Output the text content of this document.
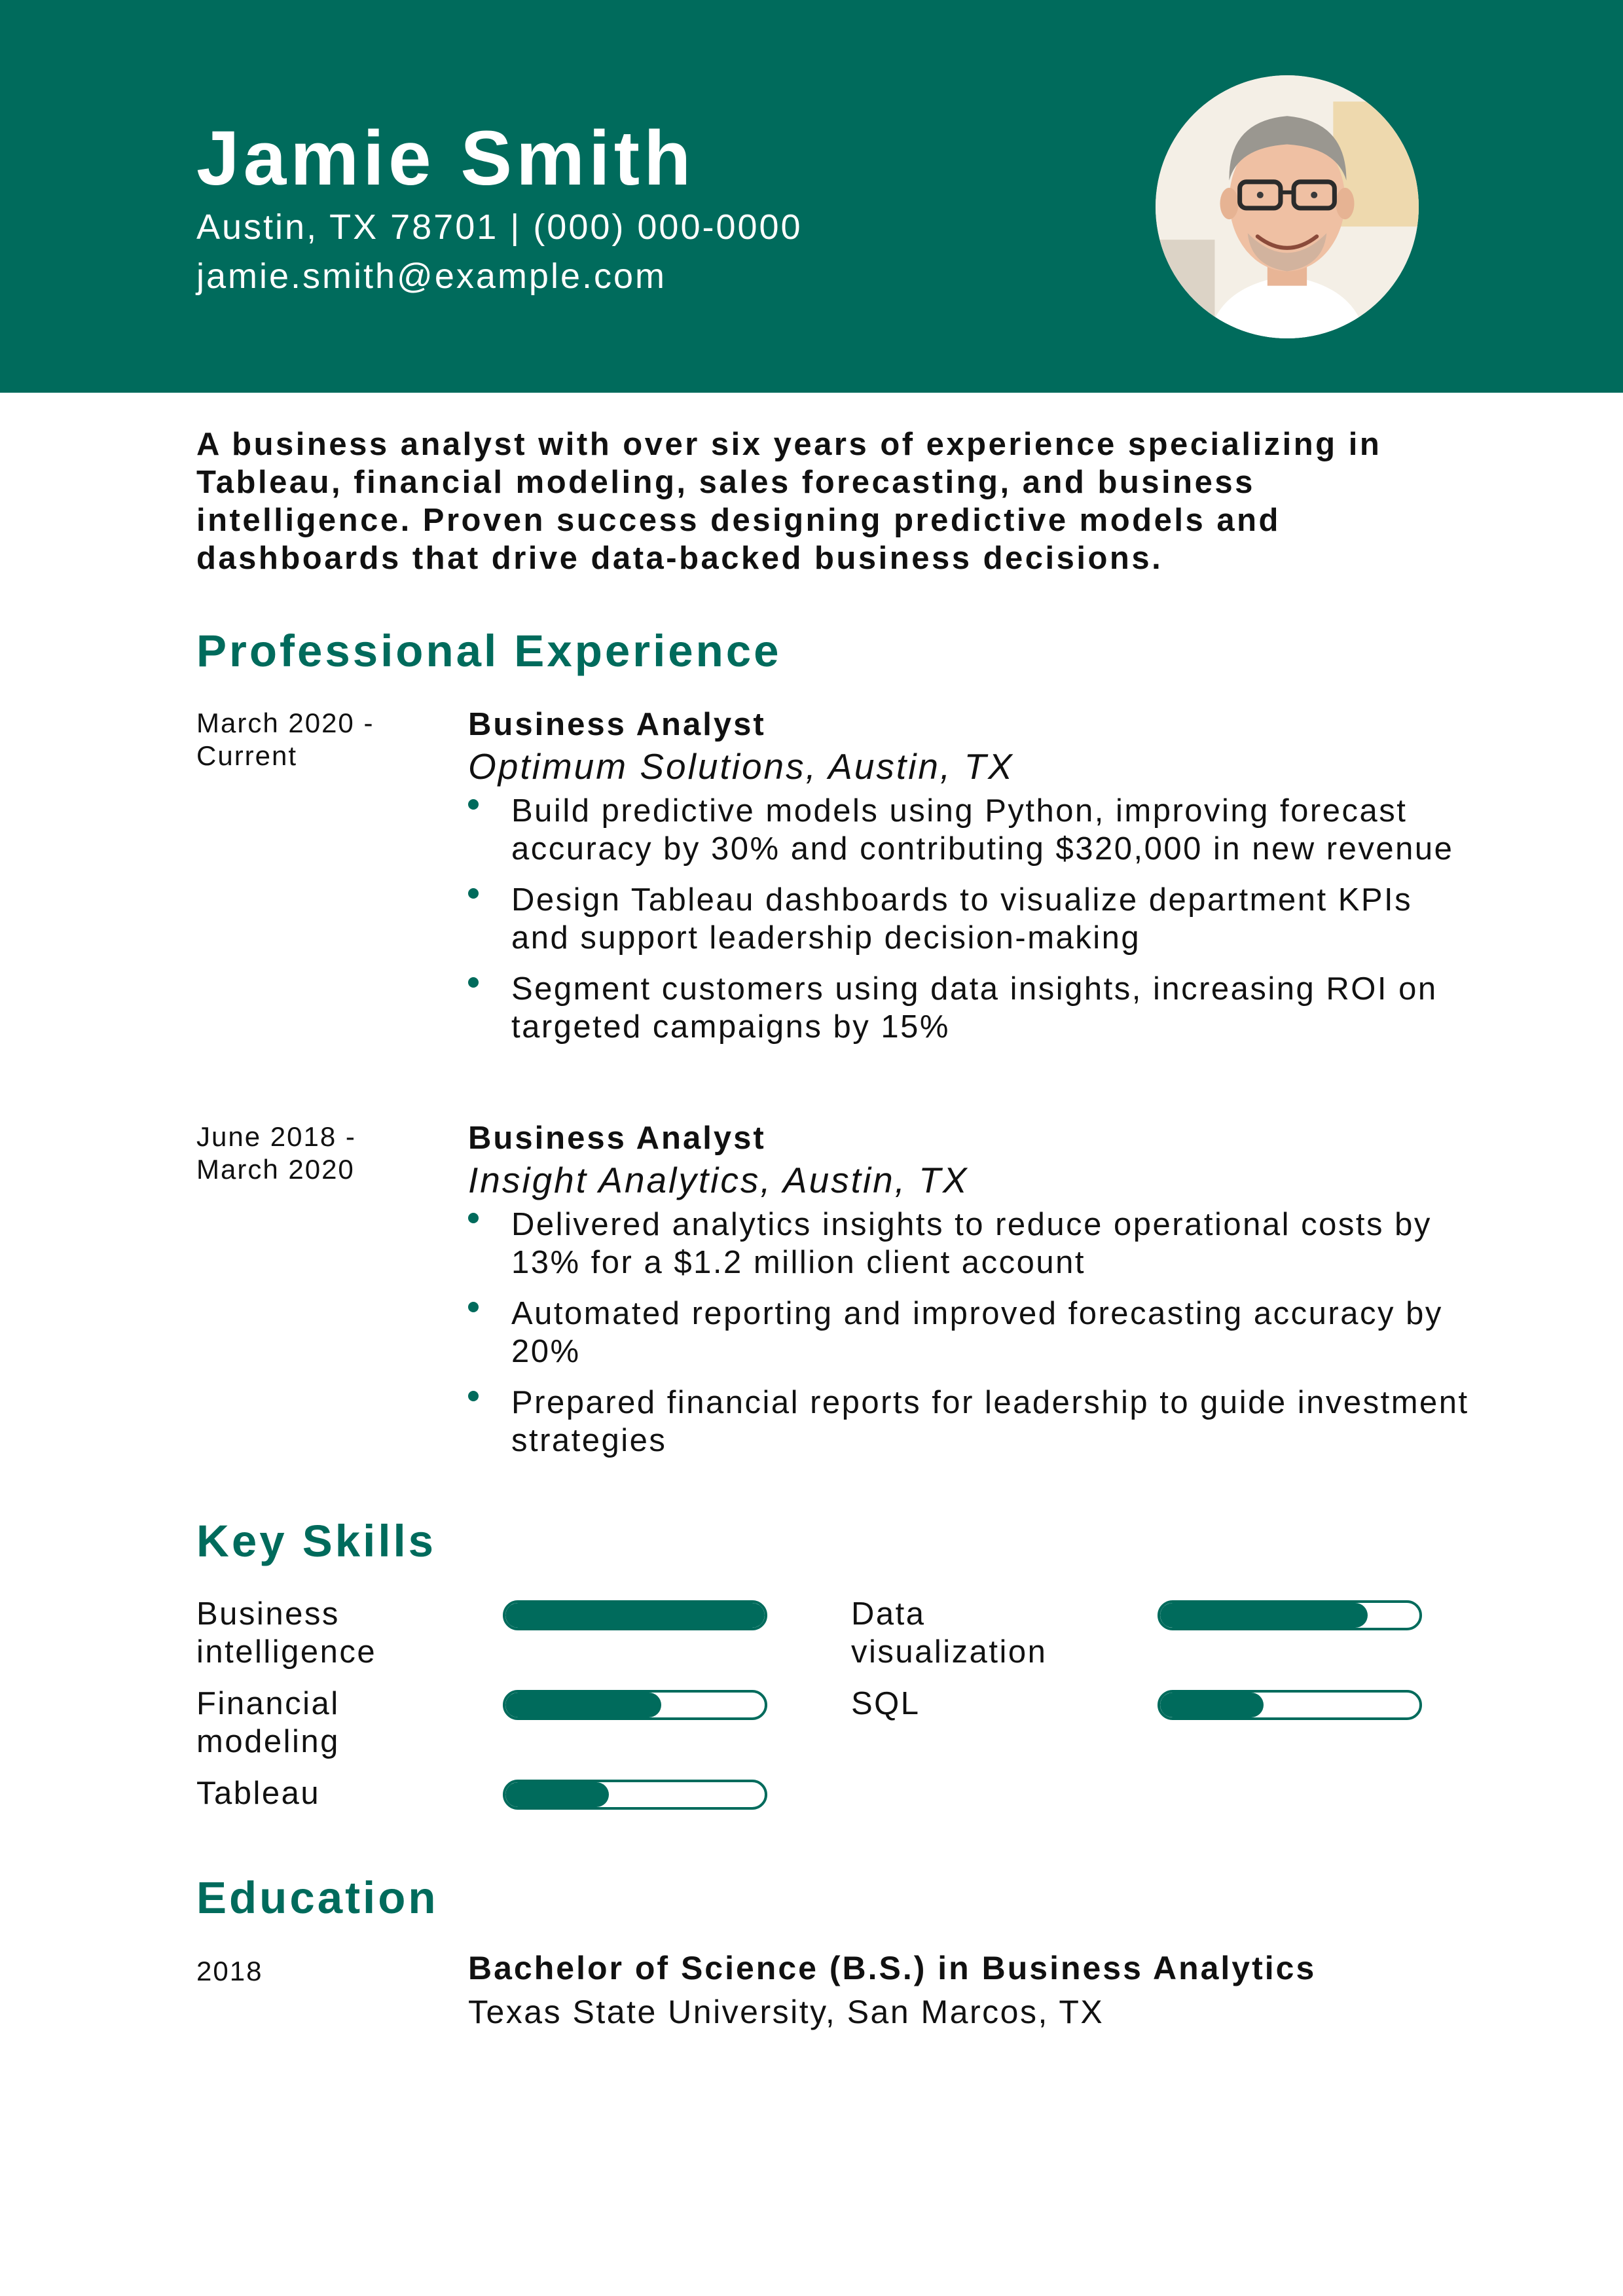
Jamie Smith
Austin, TX 78701 | (000) 000-0000
jamie.smith@example.com

A business analyst with over six years of experience specializing in Tableau, financial modeling, sales forecasting, and business intelligence. Proven success designing predictive models and dashboards that drive data-backed business decisions.

Professional Experience
March 2020 -
Current
Business Analyst
Optimum Solutions, Austin, TX
Build predictive models using Python, improving forecast accuracy by 30% and contributing $320,000 in new revenue
Design Tableau dashboards to visualize department KPIs and support leadership decision-making
Segment customers using data insights, increasing ROI on targeted campaigns by 15%
June 2018 -
March 2020
Business Analyst
Insight Analytics, Austin, TX
Delivered analytics insights to reduce operational costs by 13% for a $1.2 million client account
Automated reporting and improved forecasting accuracy by 20%
Prepared financial reports for leadership to guide investment strategies
Key Skills
Business intelligence
Data visualization
Financial modeling
SQL
Tableau
Education
2018	Bachelor of Science (B.S.) in Business Analytics
Texas State University, San Marcos, TX
